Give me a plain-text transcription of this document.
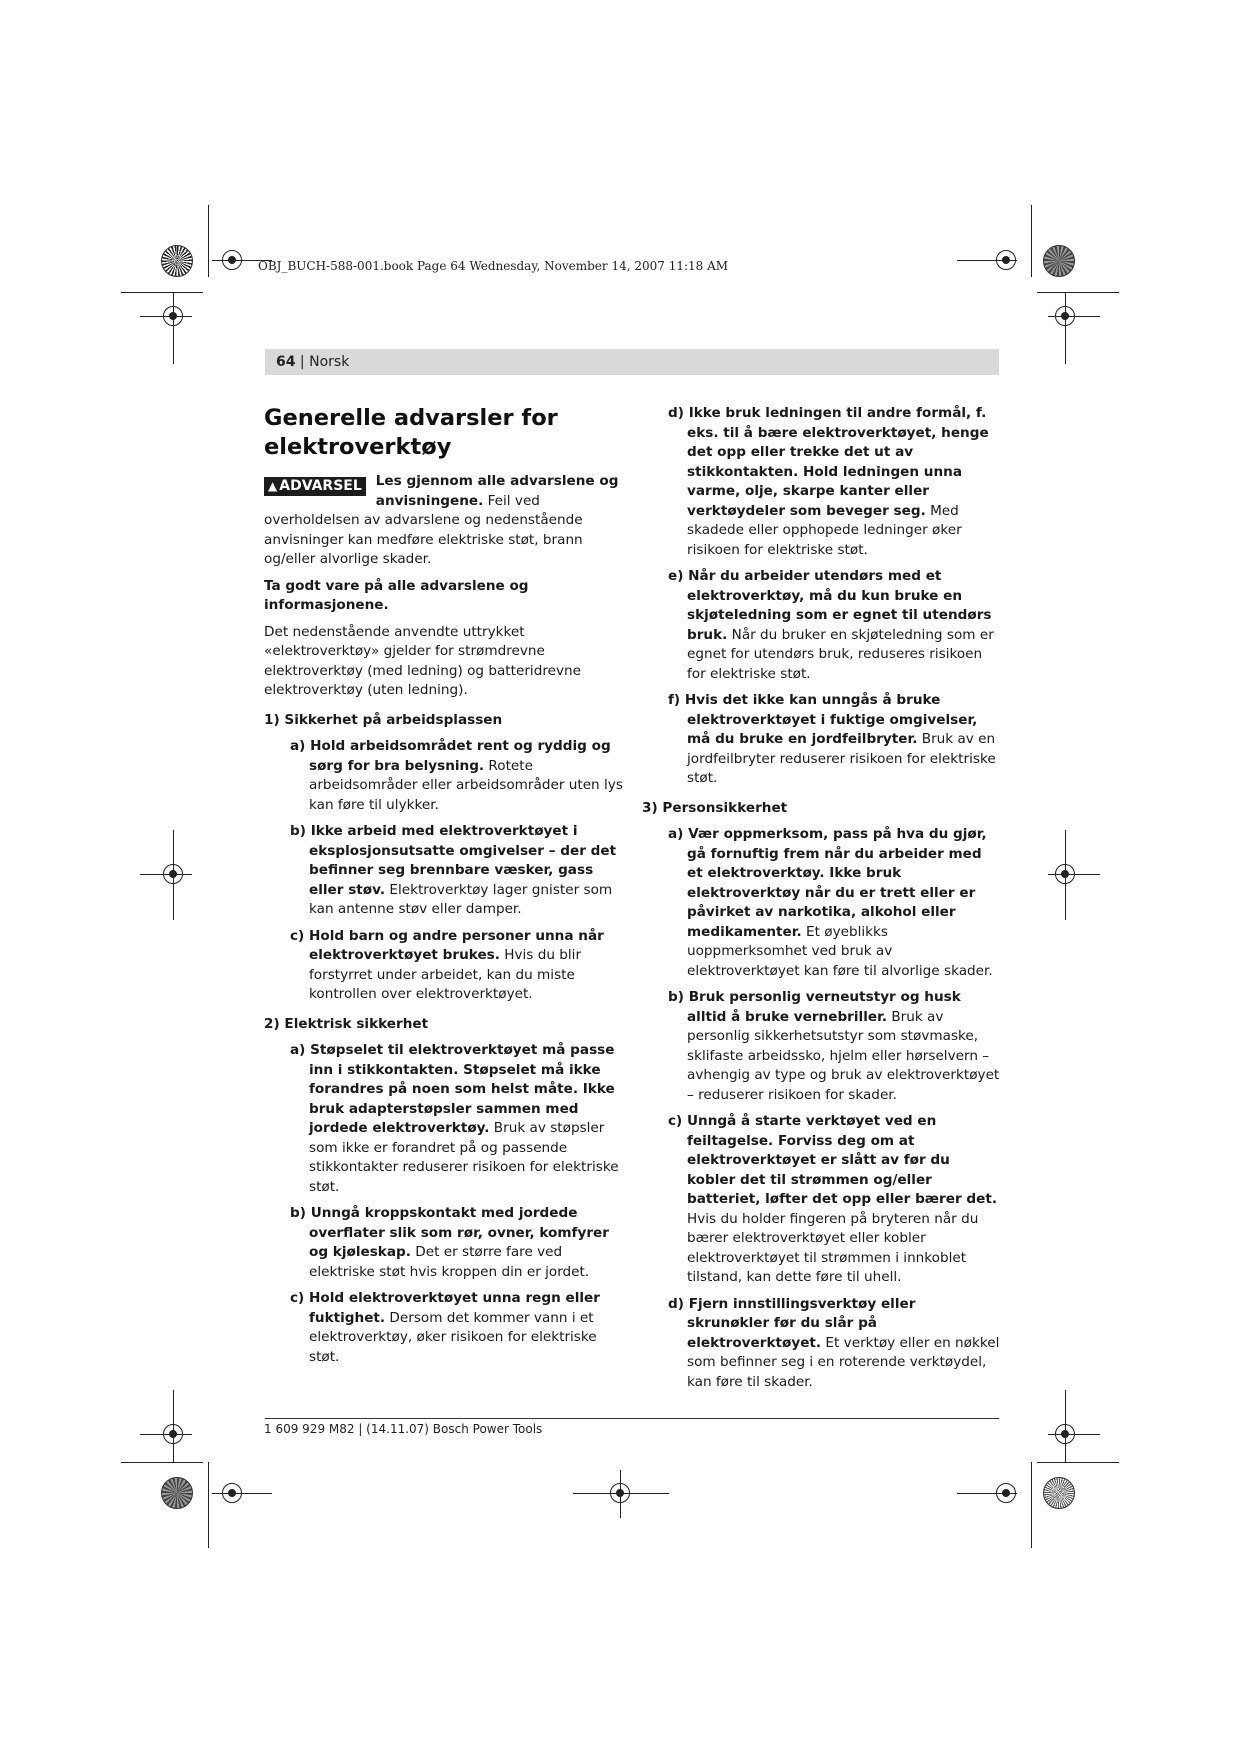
OBJ_BUCH-588-001.book Page 64 Wednesday, November 14, 2007 11:18 AM
64 | Norsk
Generelle advarsler for elektroverktøy

▲ ADVARSEL Les gjennom alle advarslene og anvisningene. Feil ved overholdelsen av advarslene og nedenstående anvisninger kan medføre elektriske støt, brann og/eller alvorlige skader.

Ta godt vare på alle advarslene og informasjonene.

Det nedenstående anvendte uttrykket «elektroverktøy» gjelder for strømdrevne elektroverktøy (med ledning) og batteridrevne elektroverktøy (uten ledning).

1) Sikkerhet på arbeidsplassen

a) Hold arbeidsområdet rent og ryddig og sørg for bra belysning. Rotete arbeidsområder eller arbeidsområder uten lys kan føre til ulykker.

b) Ikke arbeid med elektroverktøyet i eksplosjonsutsatte omgivelser – der det befinner seg brennbare væsker, gass eller støv. Elektroverktøy lager gnister som kan antenne støv eller damper.

c) Hold barn og andre personer unna når elektroverktøyet brukes. Hvis du blir forstyrret under arbeidet, kan du miste kontrollen over elektroverktøyet.

2) Elektrisk sikkerhet

a) Støpselet til elektroverktøyet må passe inn i stikkontakten. Støpselet må ikke forandres på noen som helst måte. Ikke bruk adapterstøpsler sammen med jordede elektroverktøy. Bruk av støpsler som ikke er forandret på og passende stikkontakter reduserer risikoen for elektriske støt.

b) Unngå kroppskontakt med jordede overflater slik som rør, ovner, komfyrer og kjøleskap. Det er større fare ved elektriske støt hvis kroppen din er jordet.

c) Hold elektroverktøyet unna regn eller fuktighet. Dersom det kommer vann i et elektroverktøy, øker risikoen for elektriske støt.

d) Ikke bruk ledningen til andre formål, f. eks. til å bære elektroverktøyet, henge det opp eller trekke det ut av stikkontakten. Hold ledningen unna varme, olje, skarpe kanter eller verktøydeler som beveger seg. Med skadede eller opphopede ledninger øker risikoen for elektriske støt.

e) Når du arbeider utendørs med et elektroverktøy, må du kun bruke en skjøteledning som er egnet til utendørs bruk. Når du bruker en skjøteledning som er egnet for utendørs bruk, reduseres risikoen for elektriske støt.

f) Hvis det ikke kan unngås å bruke elektroverktøyet i fuktige omgivelser, må du bruke en jordfeilbryter. Bruk av en jordfeilbryter reduserer risikoen for elektriske støt.

3) Personsikkerhet

a) Vær oppmerksom, pass på hva du gjør, gå fornuftig frem når du arbeider med et elektroverktøy. Ikke bruk elektroverktøy når du er trett eller er påvirket av narkotika, alkohol eller medikamenter. Et øyeblikks uoppmerksomhet ved bruk av elektroverktøyet kan føre til alvorlige skader.

b) Bruk personlig verneutstyr og husk alltid å bruke vernebriller. Bruk av personlig sikkerhetsutstyr som støvmaske, sklifaste arbeidssko, hjelm eller hørselvern – avhengig av type og bruk av elektroverktøyet – reduserer risikoen for skader.

c) Unngå å starte verktøyet ved en feiltagelse. Forviss deg om at elektroverktøyet er slått av før du kobler det til strømmen og/eller batteriet, løfter det opp eller bærer det. Hvis du holder fingeren på bryteren når du bærer elektroverktøyet eller kobler elektroverktøyet til strømmen i innkoblet tilstand, kan dette føre til uhell.

d) Fjern innstillingsverktøy eller skrunøkler før du slår på elektroverktøyet. Et verktøy eller en nøkkel som befinner seg i en roterende verktøydel, kan føre til skader.

1 609 929 M82 | (14.11.07) Bosch Power Tools
